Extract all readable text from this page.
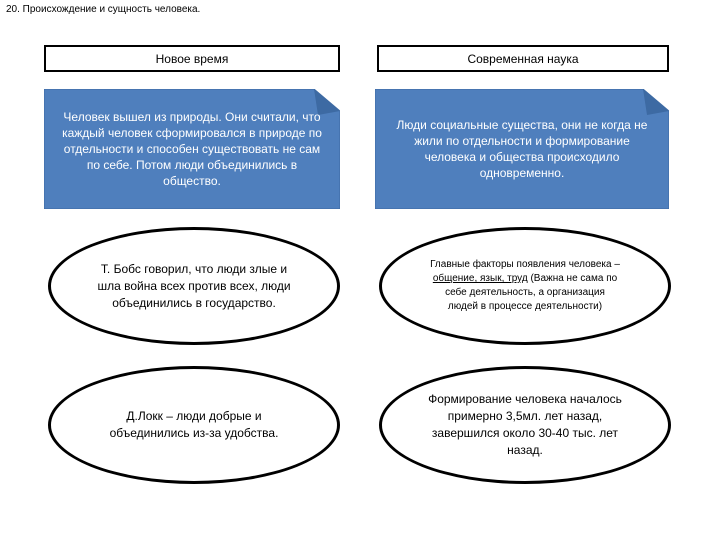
20. Происхождение и сущность человека.
Новое время
Человек вышел из природы. Они считали, что каждый человек сформировался в природе по отдельности и способен существовать не сам по себе. Потом люди объединились в общество.
Т. Бобс говорил, что люди злые и шла война всех против всех, люди объединились в государство.
Д.Локк – люди добрые и объединились из-за удобства.
Современная наука
Люди социальные существа, они не когда не жили по отдельности и формирование человека и общества происходило одновременно.
Главные факторы появления человека – общение, язык, труд (Важна не сама по себе деятельность, а организация людей в процессе деятельности)
Формирование человека началось примерно 3,5мл. лет назад, завершился около 30-40 тыс. лет назад.
